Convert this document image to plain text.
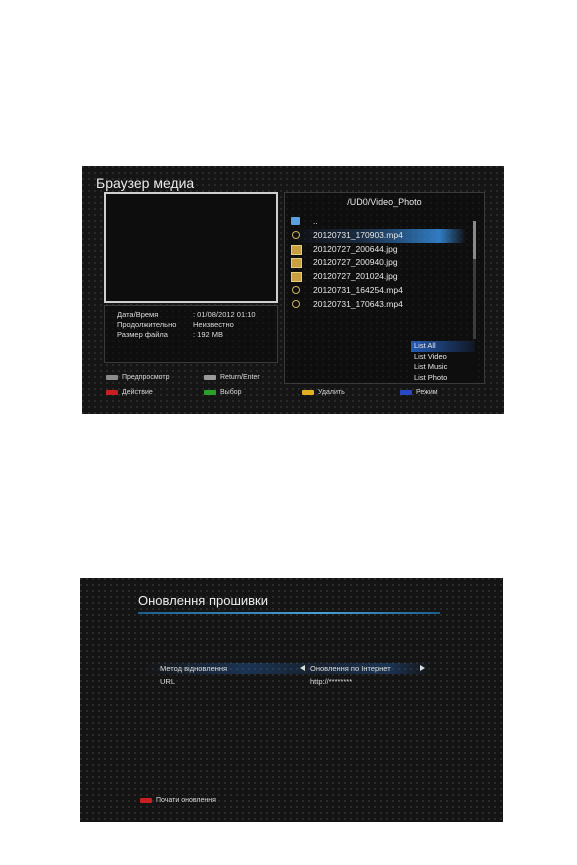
Браузер медиа
Дата/Время	: 01/08/2012 01:10
Продолжительно Неизвестно
Размер файла	: 192 MB
/UD0/Video_Photo
..
20120731_170903.mp4
20120727_200644.jpg
20120727_200940.jpg
20120727_201024.jpg
20120731_164254.mp4
20120731_170643.mp4
List All
List Video
List Music
List Photo
Предпросмотр	Return/Enter
Действие	Выбор	Удалить	Режим
Оновлення прошивки
Метод відновлення	Оновлення по Інтернет
URL	http://********
Почати оновлення
